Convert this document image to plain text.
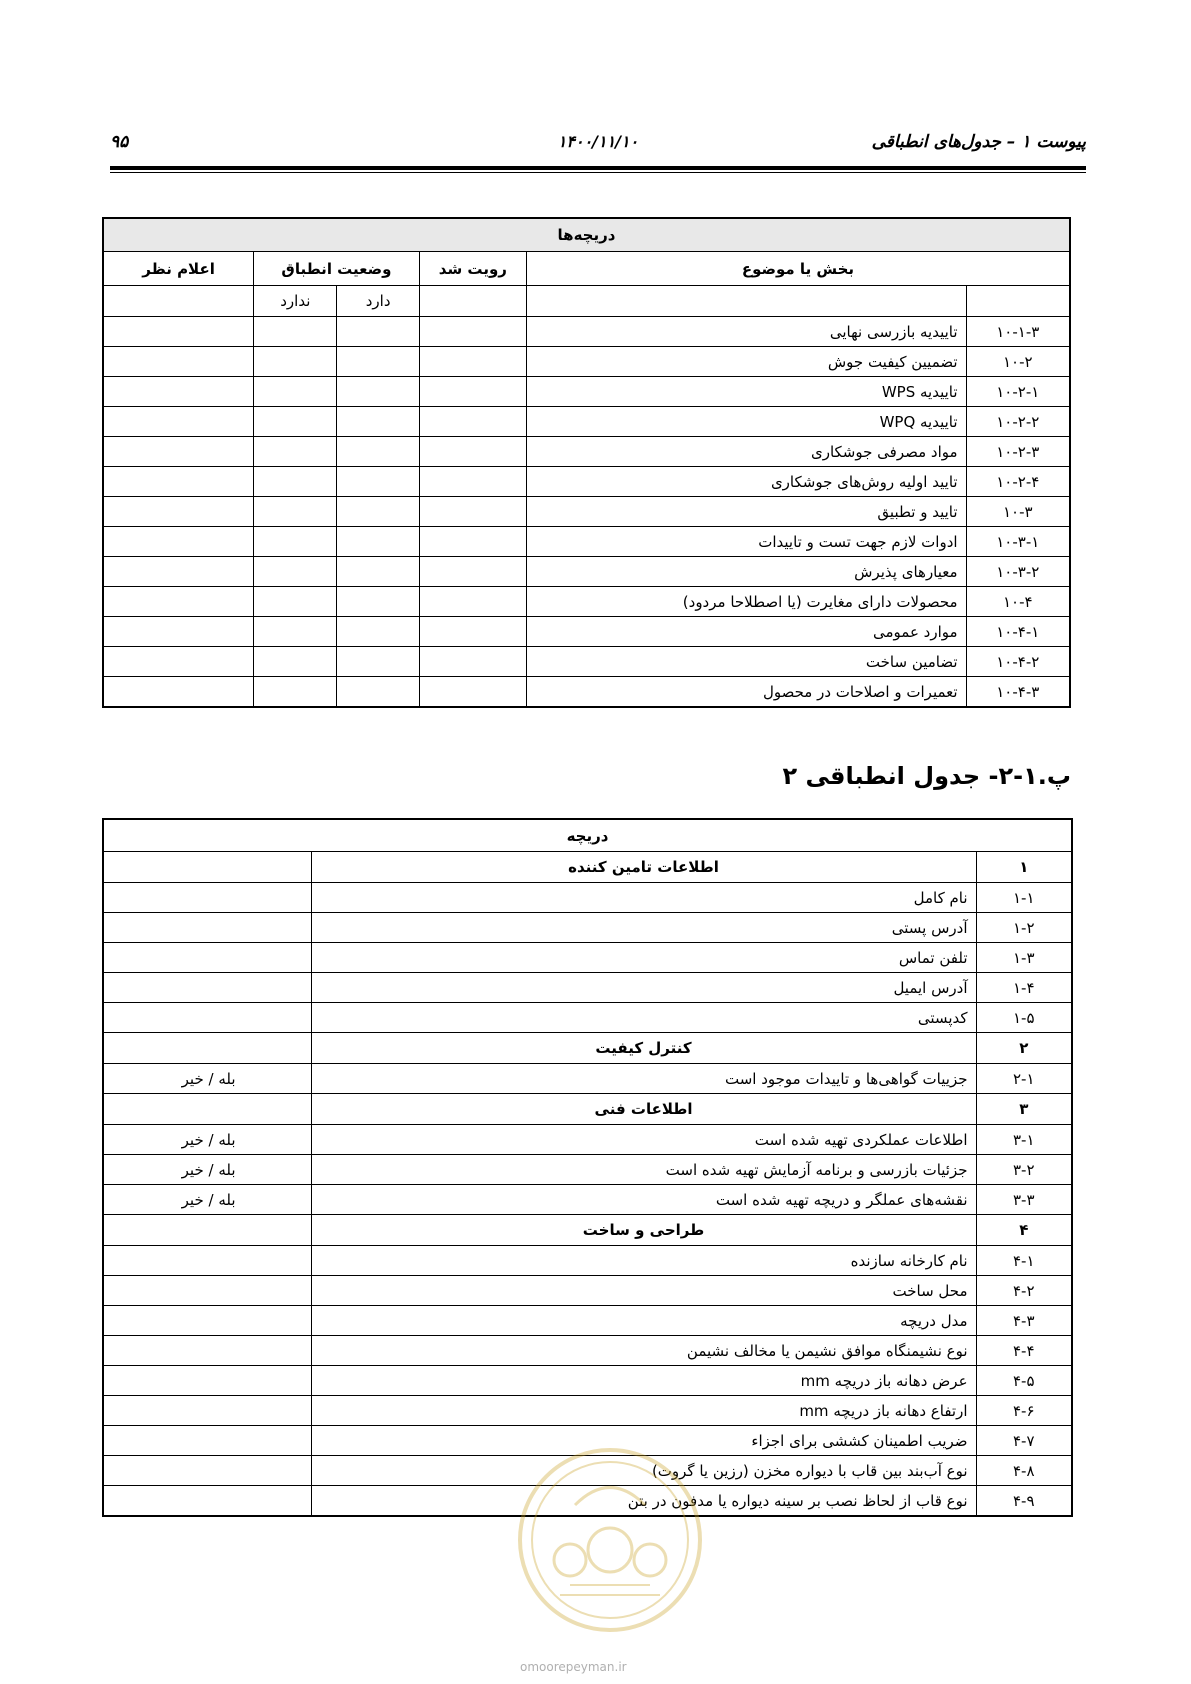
پیوست ۱ – جدول‌های انطباقی
۱۴۰۰/۱۱/۱۰
۹۵
دریچه‌ها					
بخش یا موضوع		رویت شد	وضعیت انطباق		اعلام نظر
			دارد	ندارد	
۱۰-۱-۳	تاییدیه بازرسی نهایی				
۱۰-۲	تضمیین کیفیت جوش				
۱۰-۲-۱	تاییدیه WPS				
۱۰-۲-۲	تاییدیه WPQ				
۱۰-۲-۳	مواد مصرفی جوشکاری				
۱۰-۲-۴	تایید اولیه روش‌های جوشکاری				
۱۰-۳	تایید و تطبیق				
۱۰-۳-۱	ادوات لازم جهت تست و تاییدات				
۱۰-۳-۲	معیارهای پذیرش				
۱۰-۴	محصولات دارای مغایرت (یا اصطلاحا مردود)				
۱۰-۴-۱	موارد عمومی				
۱۰-۴-۲	تضامین ساخت				
۱۰-۴-۳	تعمیرات و اصلاحات در محصول				
پ.۱-۲- جدول انطباقی ۲
دریچه		
۱	اطلاعات تامین کننده	
۱-۱	نام کامل	
۱-۲	آدرس پستی	
۱-۳	تلفن تماس	
۱-۴	آدرس ایمیل	
۱-۵	کدپستی	
۲	کنترل کیفیت	
۲-۱	جزییات گواهی‌ها و تاییدات موجود است	بله / خیر
۳	اطلاعات فنی	
۳-۱	اطلاعات عملکردی تهیه شده است	بله / خیر
۳-۲	جزئیات بازرسی و برنامه آزمایش تهیه شده است	بله / خیر
۳-۳	نقشه‌های عملگر و دریچه تهیه شده است	بله / خیر
۴	طراحی و ساخت	
۴-۱	نام کارخانه سازنده	
۴-۲	محل ساخت	
۴-۳	مدل دریچه	
۴-۴	نوع نشیمنگاه موافق نشیمن یا مخالف نشیمن	
۴-۵	عرض دهانه باز دریچه mm	
۴-۶	ارتفاع دهانه باز دریچه mm	
۴-۷	ضریب اطمینان کششی برای اجزاء	
۴-۸	نوع آب‌بند بین قاب با دیواره مخزن (رزین یا گروت)	
۴-۹	نوع قاب از لحاظ نصب بر سینه دیواره یا مدفون در بتن	
omoorepeyman.ir
